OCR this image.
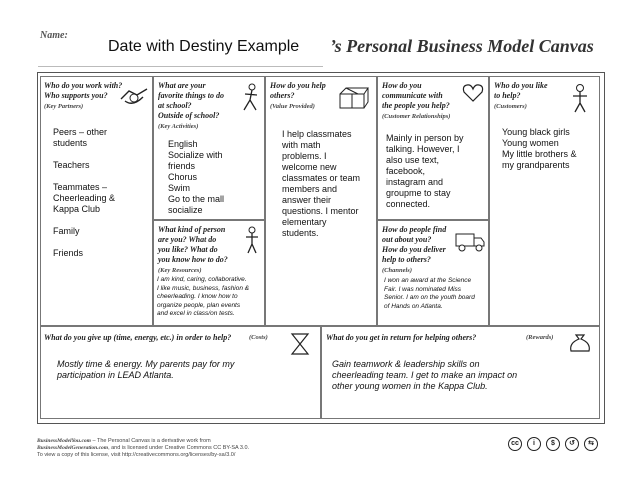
Name:
Date with Destiny Example ’s Personal Business Model Canvas
Who do you work with?
Who supports you?
(Key Partners)
Peers – other
students

Teachers

Teammates –
Cheerleading &
Kappa Club

Family

Friends
What are your
favorite things to do
at school?
Outside of school?
(Key Activities)
English
Socialize with
friends
Chorus
Swim
Go to the mall
socialize
What kind of person
are you? What do
you like? What do
you know how to do?
(Key Resources)
I am kind, caring, collaborative.
I like music, business, fashion &
cheerleading. I know how to
organize people, plan events
and excel in class/on tests.
How do you help
others?
(Value Provided)
I help classmates
with math
problems. I
welcome new
classmates or team
members and
answer their
questions. I mentor
elementary
students.
How do you
communicate with
the people you help?
(Customer Relationships)
Mainly in person by
talking. However, I
also use text,
facebook,
instagram and
groupme to stay
connected.
How do people find
out about you?
How do you deliver
help to others?
(Channels)
I won an award at the Science
Fair. I was nominated Miss
Senior. I am on the youth board
of Hands on Atlanta.
Who do you like
to help?
(Customers)
Young black girls
Young women
My little brothers &
my grandparents
What do you give up (time, energy, etc.) in order to help?	(Costs)
Mostly time & energy. My parents pay for my
participation in LEAD Atlanta.
What do you get in return for helping others?	(Rewards)
Gain teamwork & leadership skills on
cheerleading team. I get to make an impact on
other young women in the Kappa Club.
BusinessModelYou.com – The Personal Canvas is a derivative work from
BusinessModelGeneration.com, and is licensed under Creative Commons CC BY-SA 3.0.
To view a copy of this license, visit http://creativecommons.org/licenses/by-sa/3.0/
cc	i	$	↺	⇆
